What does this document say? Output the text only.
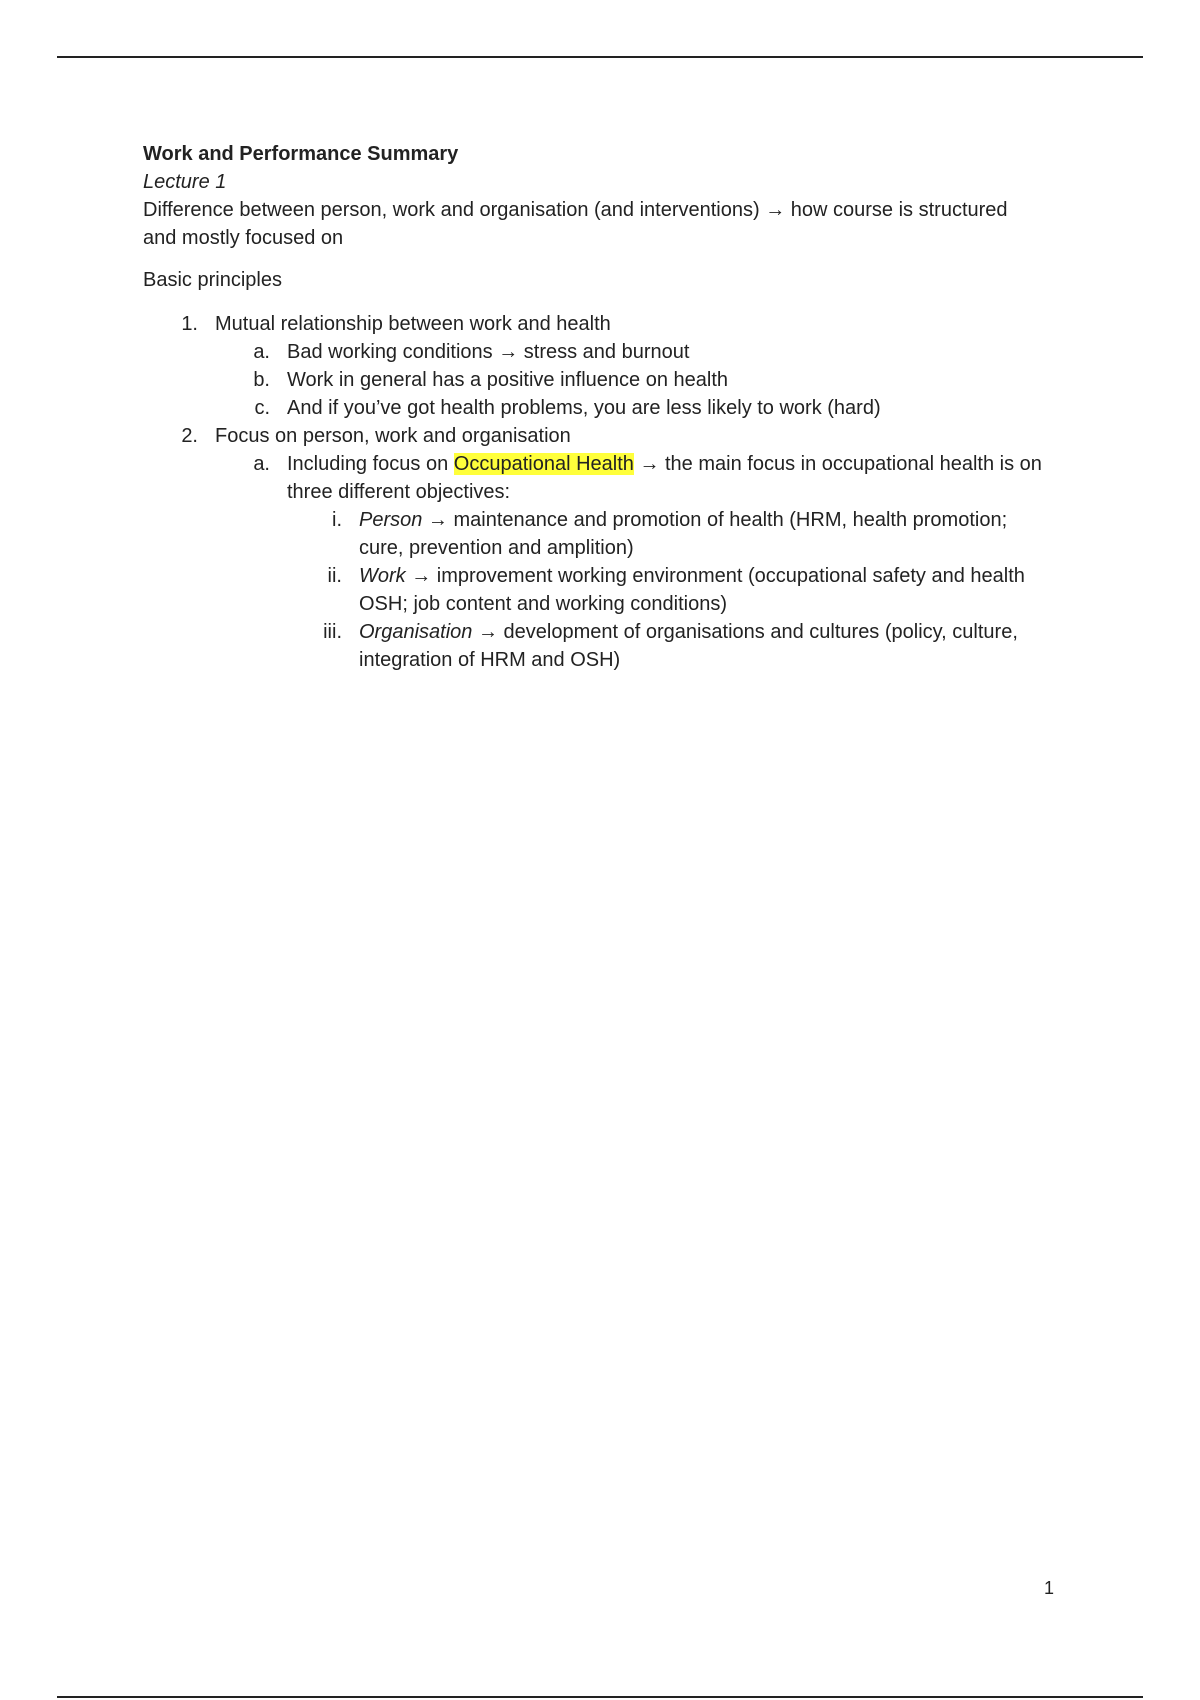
Work and Performance Summary

Lecture 1

Difference between person, work and organisation (and interventions) → how course is structured and mostly focused on

Basic principles

1. Mutual relationship between work and health
a. Bad working conditions → stress and burnout
b. Work in general has a positive influence on health
c. And if you’ve got health problems, you are less likely to work (hard)
2. Focus on person, work and organisation
a. Including focus on Occupational Health → the main focus in occupational health is on three different objectives:
i. Person → maintenance and promotion of health (HRM, health promotion; cure, prevention and amplition)
ii. Work → improvement working environment (occupational safety and health OSH; job content and working conditions)
iii. Organisation → development of organisations and cultures (policy, culture, integration of HRM and OSH)
1
